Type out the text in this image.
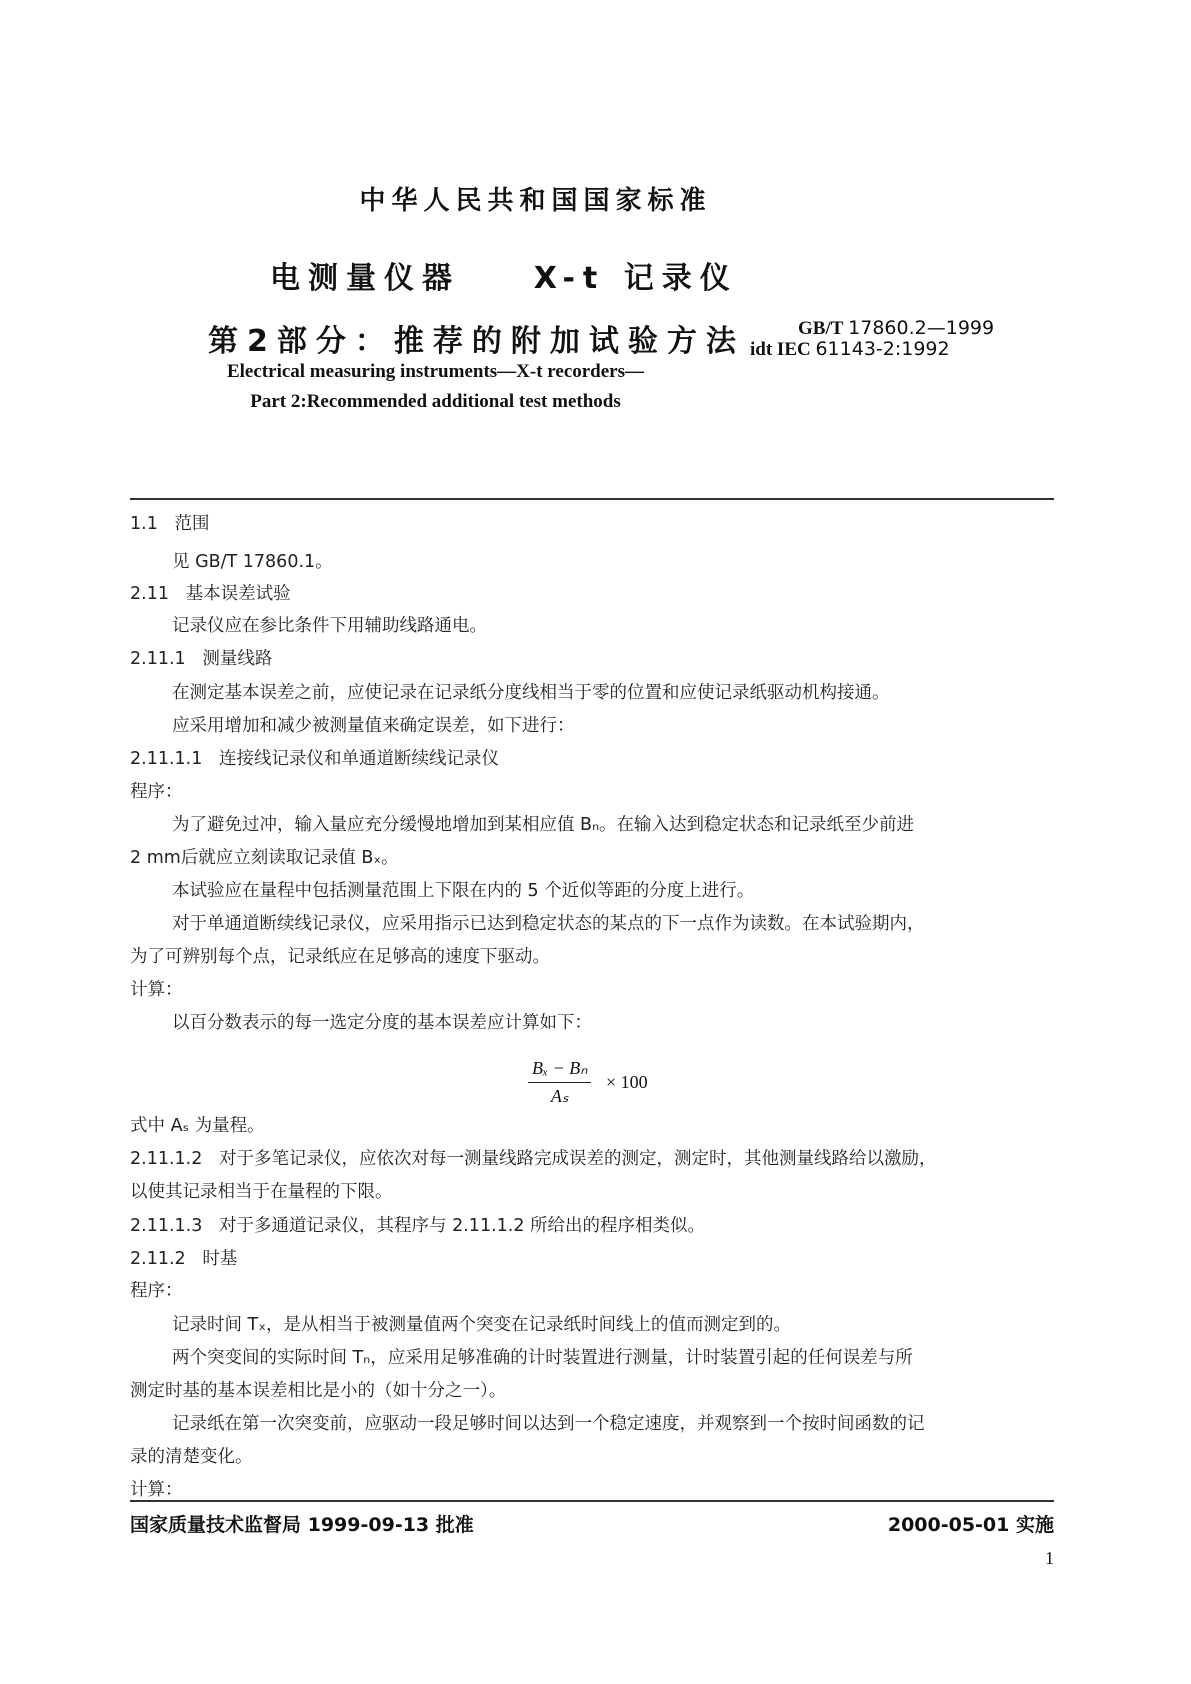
中华人民共和国国家标准
电测量仪器    X-t 记录仪
第2部分：推荐的附加试验方法	GB/T 17860.2—1999
idt IEC 61143-2:1992
Electrical measuring instruments—X-t recorders—
Part 2:Recommended additional test methods
1.1   范围
见 GB/T 17860.1。
2.11   基本误差试验
记录仪应在参比条件下用辅助线路通电。
2.11.1   测量线路
在测定基本误差之前，应使记录在记录纸分度线相当于零的位置和应使记录纸驱动机构接通。
应采用增加和减少被测量值来确定误差，如下进行：
2.11.1.1   连接线记录仪和单通道断续线记录仪
程序：
为了避免过冲，输入量应充分缓慢地增加到某相应值 Bₙ。在输入达到稳定状态和记录纸至少前进
2 mm后就应立刻读取记录值 Bₓ。
本试验应在量程中包括测量范围上下限在内的 5 个近似等距的分度上进行。
对于单通道断续线记录仪，应采用指示已达到稳定状态的某点的下一点作为读数。在本试验期内，
为了可辨别每个点，记录纸应在足够高的速度下驱动。
计算：
以百分数表示的每一选定分度的基本误差应计算如下：
$\frac{\text{Bₓ − Bₙ}}{\text{Aₛ}} \times 100$
式中 Aₛ 为量程。
2.11.1.2   对于多笔记录仪，应依次对每一测量线路完成误差的测定，测定时，其他测量线路给以激励，
以使其记录相当于在量程的下限。
2.11.1.3   对于多通道记录仪，其程序与 2.11.1.2 所给出的程序相类似。
2.11.2   时基
程序：
记录时间 Tₓ，是从相当于被测量值两个突变在记录纸时间线上的值而测定到的。
两个突变间的实际时间 Tₙ，应采用足够准确的计时装置进行测量，计时装置引起的任何误差与所
测定时基的基本误差相比是小的（如十分之一）。
记录纸在第一次突变前，应驱动一段足够时间以达到一个稳定速度，并观察到一个按时间函数的记
录的清楚变化。
计算：
国家质量技术监督局 1999-09-13 批准	2000-05-01 实施
1
